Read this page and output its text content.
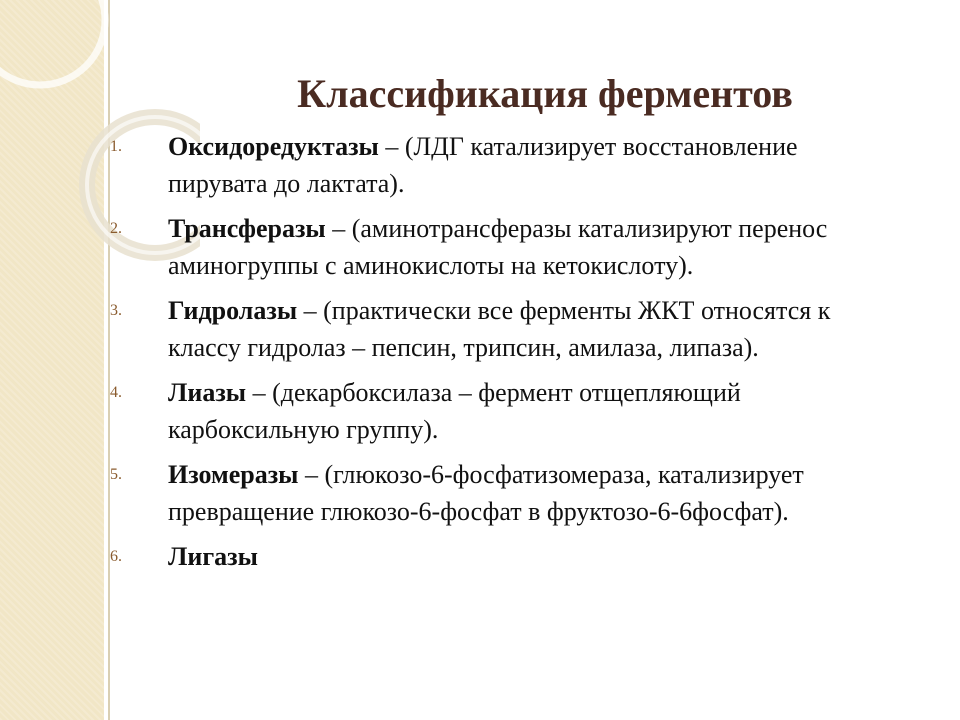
Классификация ферментов
1. Оксидоредуктазы – (ЛДГ катализирует восстановление пирувата до лактата).
2. Трансферазы – (аминотрансферазы катализируют перенос аминогруппы с аминокислоты на кетокислоту).
3. Гидролазы – (практически все ферменты ЖКТ относятся к классу гидролаз – пепсин, трипсин, амилаза, липаза).
4. Лиазы – (декарбоксилаза – фермент отщепляющий карбоксильную группу).
5. Изомеразы – (глюкозо-6-фосфатизомераза, катализирует превращение глюкозо-6-фосфат в фруктозо-6-6фосфат).
6. Лигазы
